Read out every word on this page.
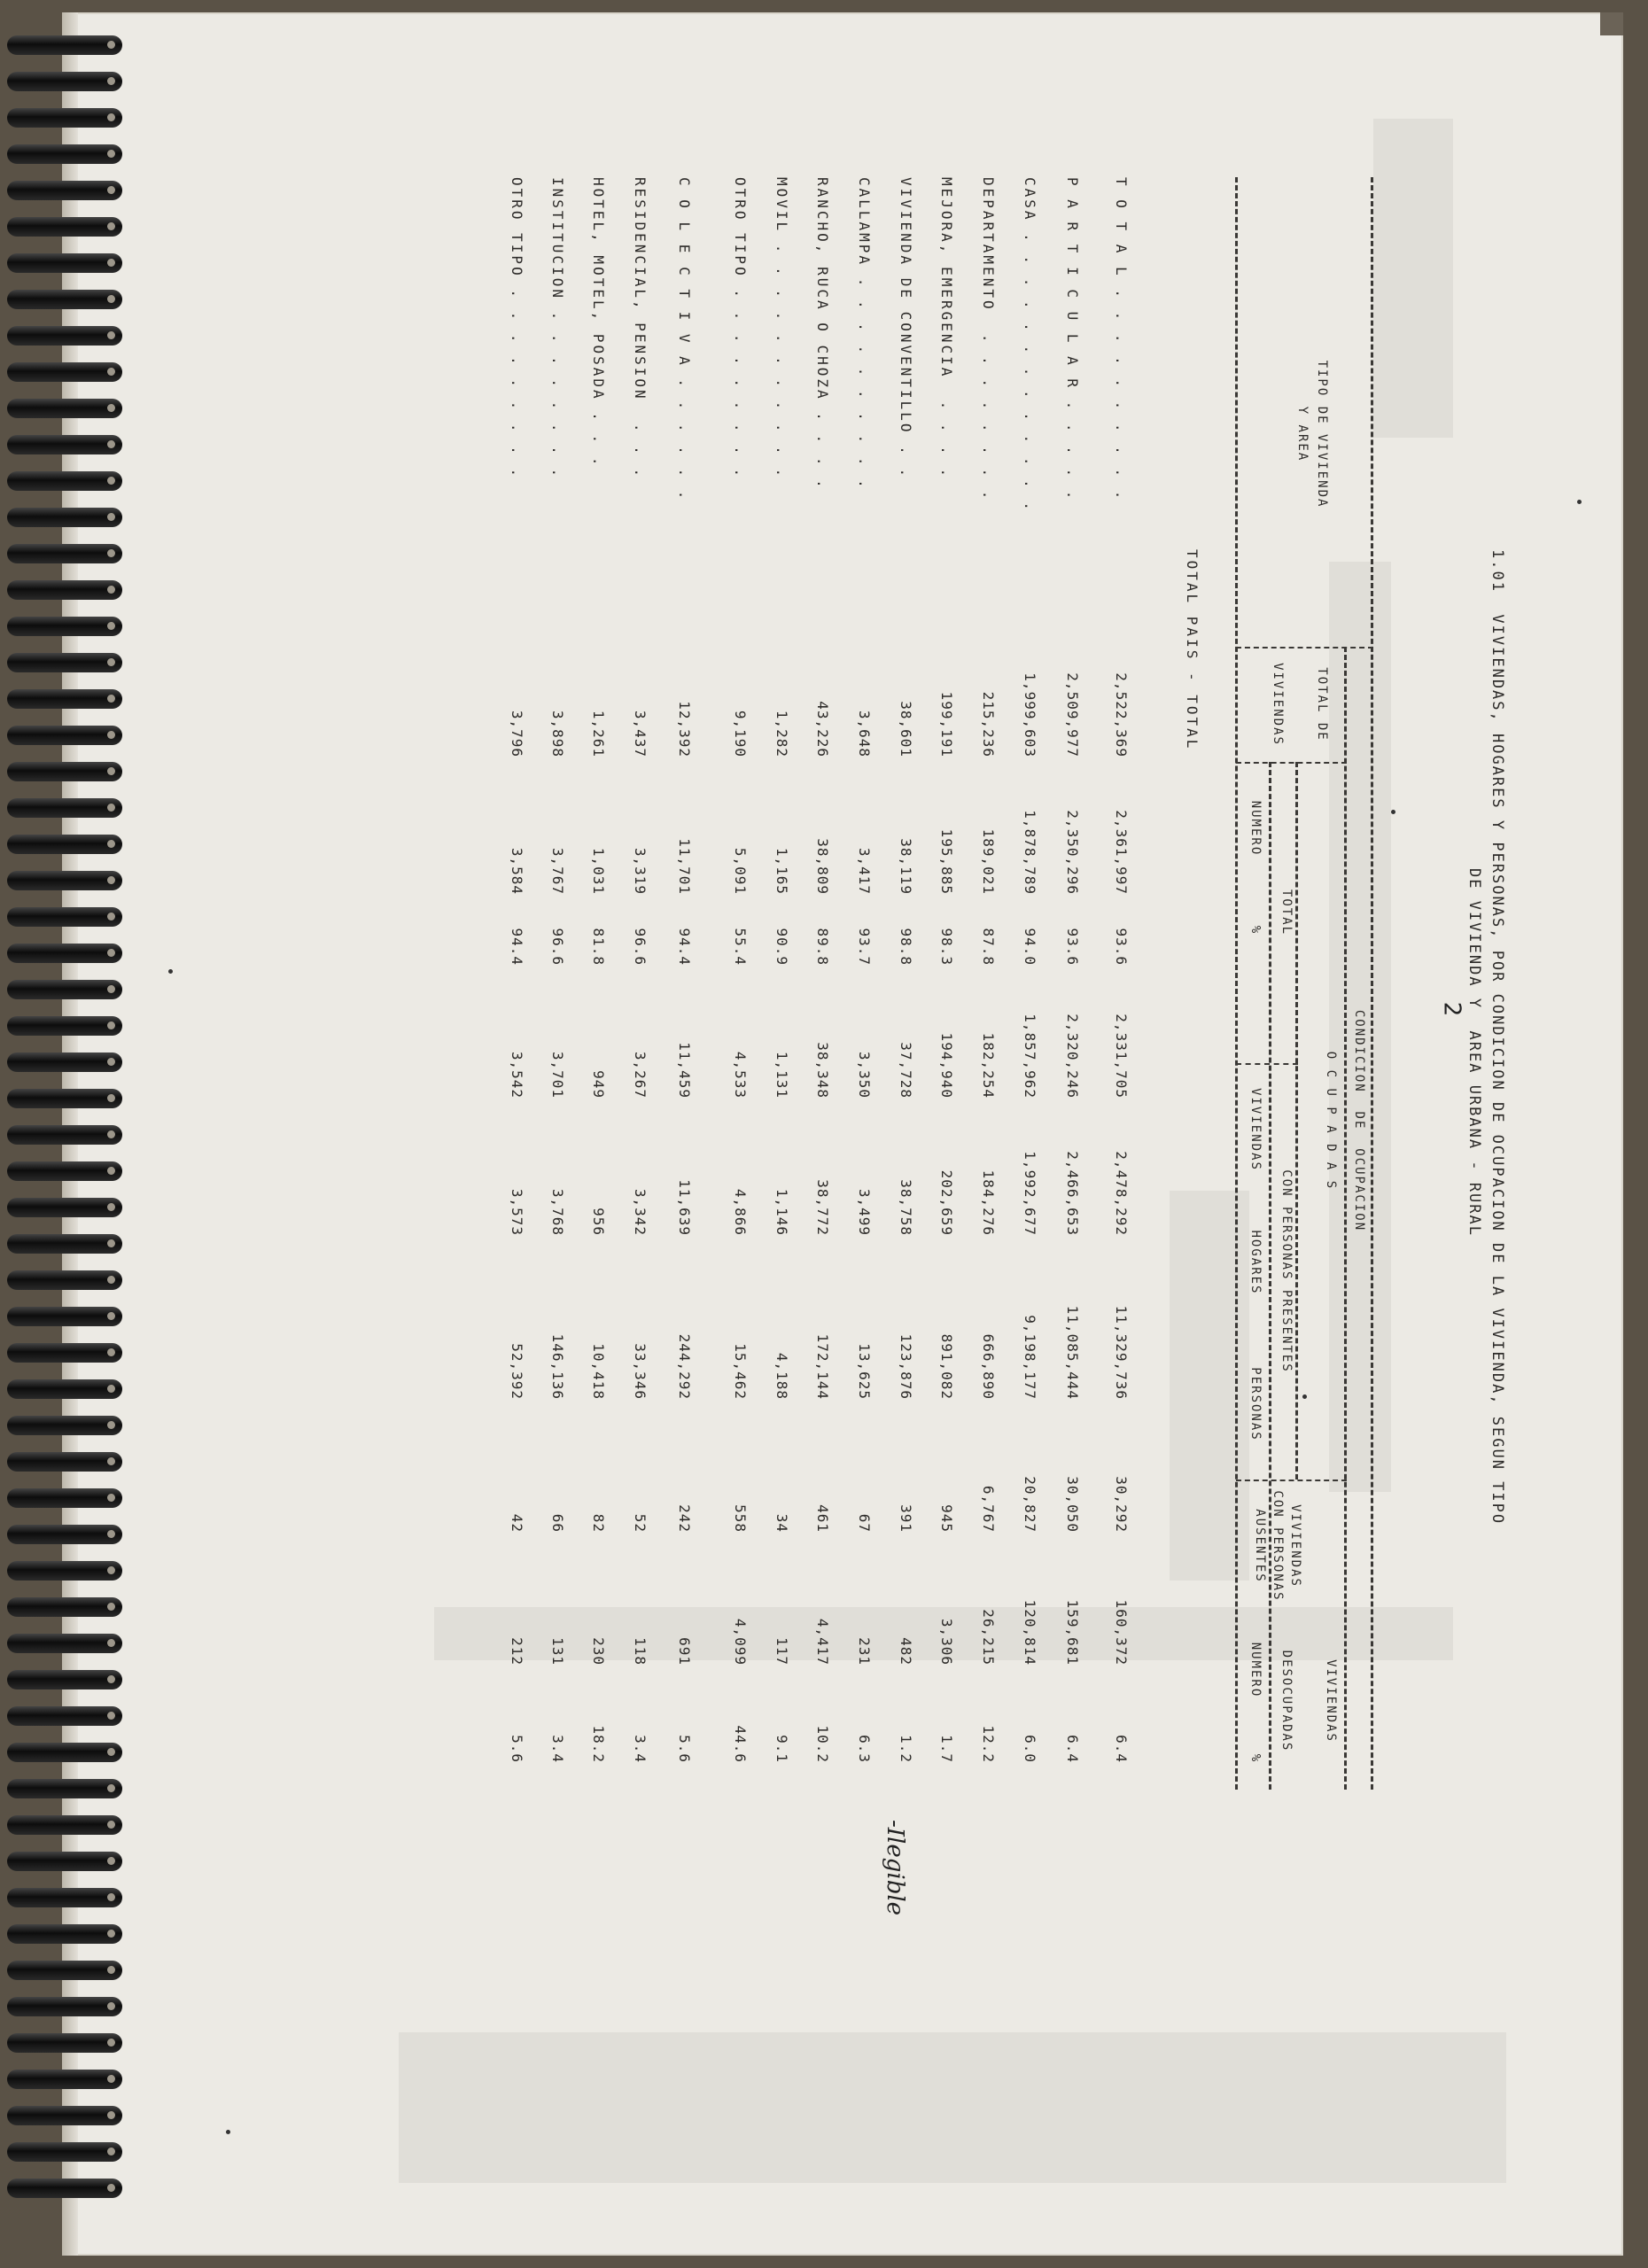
2
-Ilegible
1.01  VIVIENDAS, HOGARES Y PERSONAS, POR CONDICION DE OCUPACION DE LA VIVIENDA, SEGUN TIPO
DE VIVIENDA Y  AREA URBANA - RURAL
TIPO DE VIVIENDA
Y AREA
TOTAL DE
VIVIENDAS
CONDICION  DE  OCUPACION
O C U P A D A S
TOTAL
NUMERO
%
CON PERSONAS PRESENTES
VIVIENDAS
HOGARES
PERSONAS
VIVIENDAS
CON PERSONAS
AUSENTES
VIVIENDAS
DESOCUPADAS
NUMERO
%
TOTAL PAIS - TOTAL
T O T A L . . . . . . . . . .
2,522,369
2,361,997
93.6
2,331,705
2,478,292
11,329,736
30,292
160,372
6.4
P A R T I C U L A R . . . . .
2,509,977
2,350,296
93.6
2,320,246
2,466,653
11,085,444
30,050
159,681
6.4
CASA . . . . . . . . . . . . .
1,999,603
1,878,789
94.0
1,857,962
1,992,677
9,198,177
20,827
120,814
6.0
DEPARTAMENTO  . . . . . . . .
215,236
189,021
87.8
182,254
184,276
666,890
6,767
26,215
12.2
MEJORA, EMERGENCIA  . . . .
199,191
195,885
98.3
194,940
202,659
891,082
945
3,306
1.7
VIVIENDA DE CONVENTILLO . .
38,601
38,119
98.8
37,728
38,758
123,876
391
482
1.2
CALLAMPA . . . . . . . . . .
3,648
3,417
93.7
3,350
3,499
13,625
67
231
6.3
RANCHO, RUCA O CHOZA . . . .
43,226
38,809
89.8
38,348
38,772
172,144
461
4,417
10.2
MOVIL . . . . . . . . . . .
1,282
1,165
90.9
1,131
1,146
4,188
34
117
9.1
OTRO TIPO . . . . . . . . .
9,190
5,091
55.4
4,533
4,866
15,462
558
4,099
44.6
C O L E C T I V A . . . . . .
12,392
11,701
94.4
11,459
11,639
244,292
242
691
5.6
RESIDENCIAL, PENSION  . . .
3,437
3,319
96.6
3,267
3,342
33,346
52
118
3.4
HOTEL, MOTEL, POSADA . . .
1,261
1,031
81.8
949
956
10,418
82
230
18.2
INSTITUCION . . . . . . . .
3,898
3,767
96.6
3,701
3,768
146,136
66
131
3.4
OTRO TIPO . . . . . . . . .
3,796
3,584
94.4
3,542
3,573
52,392
42
212
5.6
